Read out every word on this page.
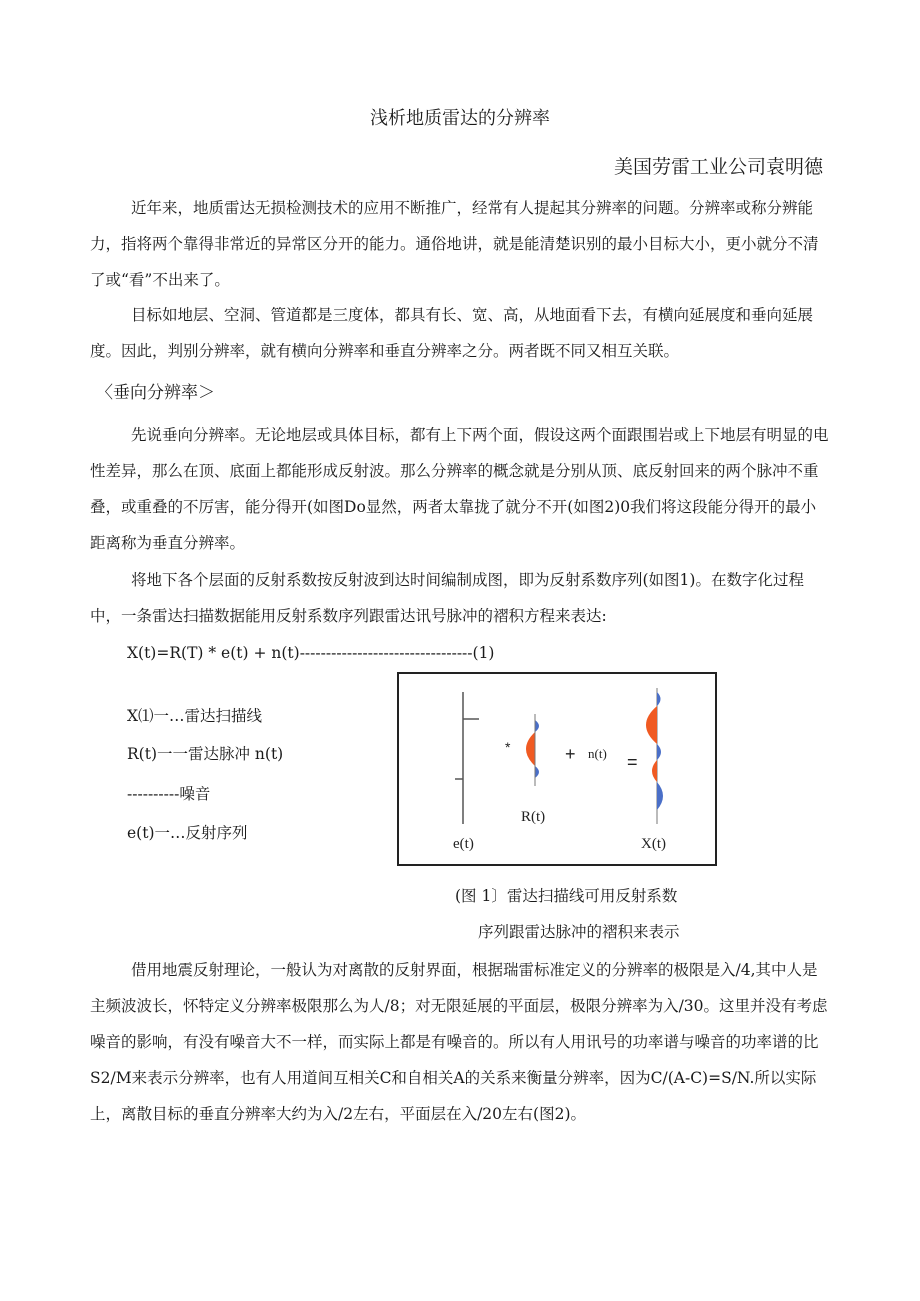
浅析地质雷达的分辨率
美国劳雷工业公司袁明德
近年来，地质雷达无损检测技术的应用不断推广，经常有人提起其分辨率的问题。分辨率或称分辨能力，指将两个靠得非常近的异常区分开的能力。通俗地讲，就是能清楚识别的最小目标大小，更小就分不清了或“看”不出来了。
目标如地层、空洞、管道都是三度体，都具有长、宽、高，从地面看下去，有横向延展度和垂向延展度。因此，判别分辨率，就有横向分辨率和垂直分辨率之分。两者既不同又相互关联。
〈垂向分辨率＞
先说垂向分辨率。无论地层或具体目标，都有上下两个面，假设这两个面跟围岩或上下地层有明显的电性差异，那么在顶、底面上都能形成反射波。那么分辨率的概念就是分别从顶、底反射回来的两个脉冲不重叠，或重叠的不厉害，能分得开(如图Do显然，两者太靠拢了就分不开(如图2)0我们将这段能分得开的最小距离称为垂直分辨率。
将地下各个层面的反射系数按反射波到达时间编制成图，即为反射系数序列(如图1)。在数字化过程中，一条雷达扫描数据能用反射系数序列跟雷达讯号脉冲的褶积方程来表达:
X(t)=R(T) * e(t) + n(t)---------------------------------(1)
X⑴一…雷达扫描线
R(t)一一雷达脉冲 n(t)
----------噪音
e(t)一…反射序列
*	+ n(t) =
R(t)
e(t)	X(t)
(图 1〕雷达扫描线可用反射系数
序列跟雷达脉冲的褶积来表示
借用地震反射理论，一般认为对离散的反射界面，根据瑞雷标准定义的分辨率的极限是入/4,其中人是主频波波长，怀特定义分辨率极限那么为人/8；对无限延展的平面层，极限分辨率为入/30。这里并没有考虑噪音的影响，有没有噪音大不一样，而实际上都是有噪音的。所以有人用讯号的功率谱与噪音的功率谱的比S2/M来表示分辨率，也有人用道间互相关C和自相关A的关系来衡量分辨率，因为C/(A-C)=S/N.所以实际上，离散目标的垂直分辨率大约为入/2左右，平面层在入/20左右(图2)。
